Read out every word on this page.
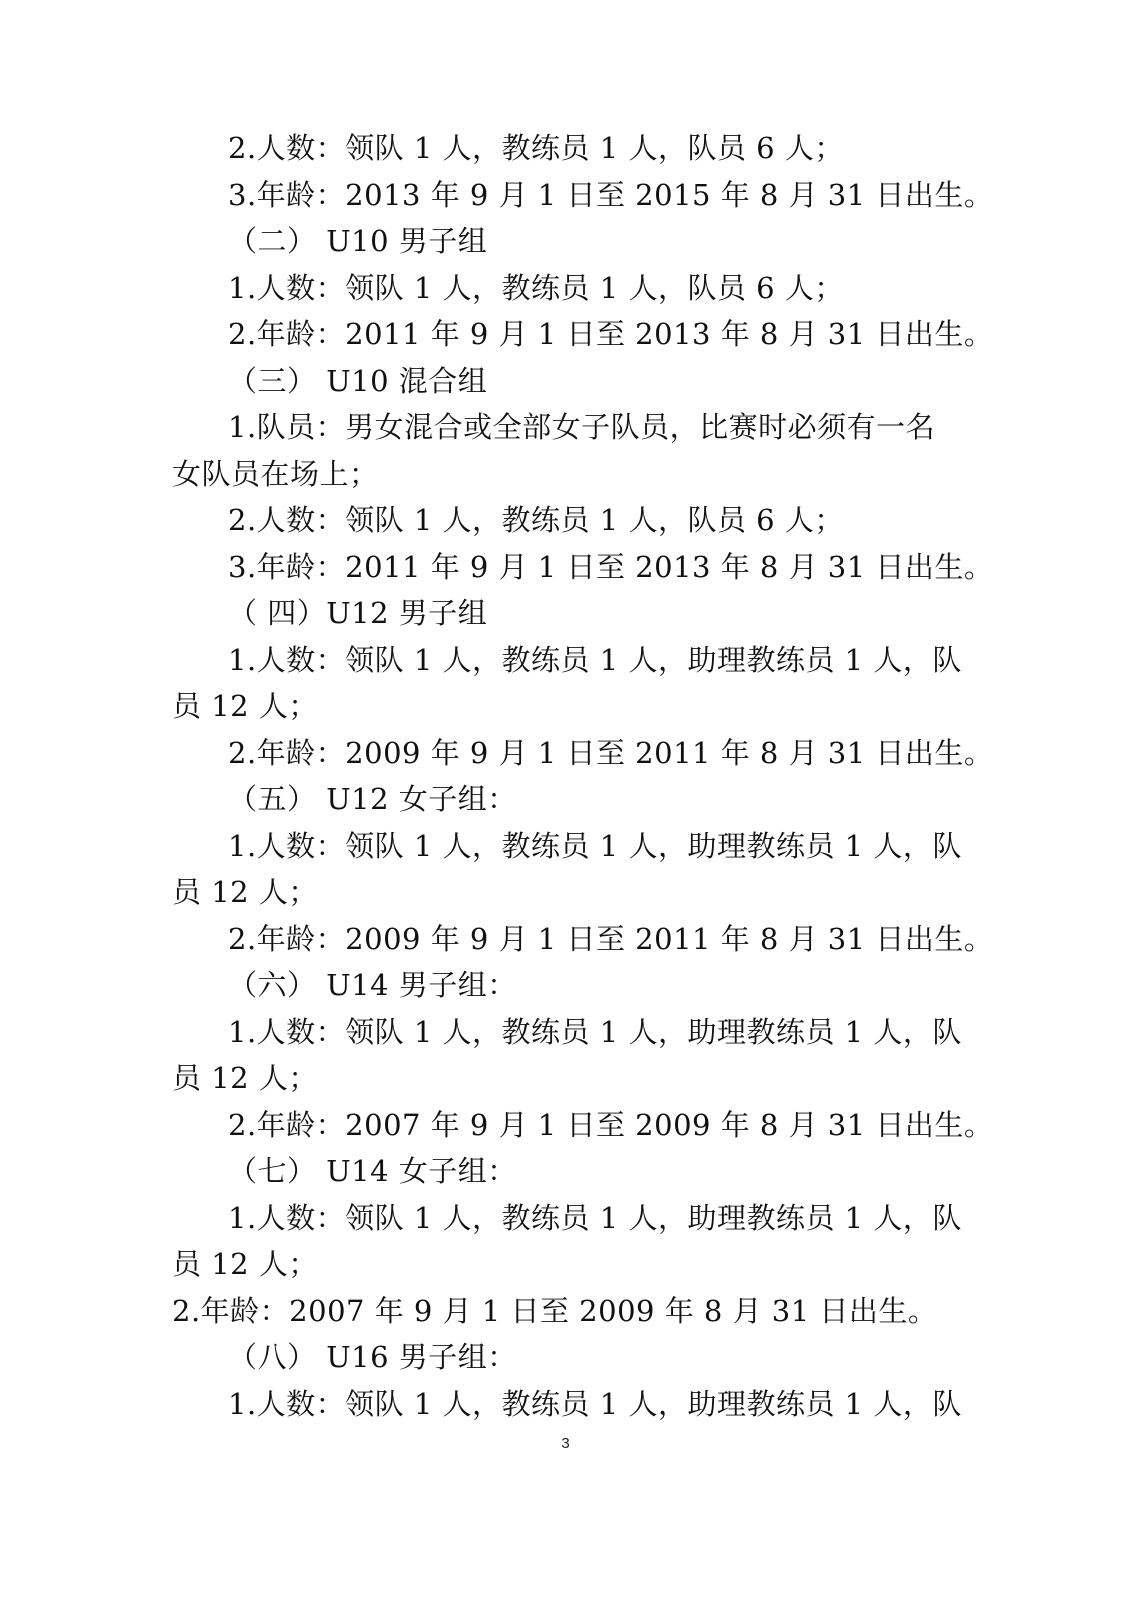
2.人数：领队 1 人，教练员 1 人，队员 6 人；
3.年龄：2013 年 9 月 1 日至 2015 年 8 月 31 日出生。
（二） U10 男子组
1.人数：领队 1 人，教练员 1 人，队员 6 人；
2.年龄：2011 年 9 月 1 日至 2013 年 8 月 31 日出生。
（三） U10 混合组
1.队员：男女混合或全部女子队员，比赛时必须有一名
女队员在场上；
2.人数：领队 1 人，教练员 1 人，队员 6 人；
3.年龄：2011 年 9 月 1 日至 2013 年 8 月 31 日出生。
（ 四）U12 男子组
1.人数：领队 1 人，教练员 1 人，助理教练员 1 人，队
员 12 人；
2.年龄：2009 年 9 月 1 日至 2011 年 8 月 31 日出生。
（五） U12 女子组：
1.人数：领队 1 人，教练员 1 人，助理教练员 1 人，队
员 12 人；
2.年龄：2009 年 9 月 1 日至 2011 年 8 月 31 日出生。
（六） U14 男子组：
1.人数：领队 1 人，教练员 1 人，助理教练员 1 人，队
员 12 人；
2.年龄：2007 年 9 月 1 日至 2009 年 8 月 31 日出生。
（七） U14 女子组：
1.人数：领队 1 人，教练员 1 人，助理教练员 1 人，队
员 12 人；
2.年龄：2007 年 9 月 1 日至 2009 年 8 月 31 日出生。
（八） U16 男子组：
1.人数：领队 1 人，教练员 1 人，助理教练员 1 人，队
3
